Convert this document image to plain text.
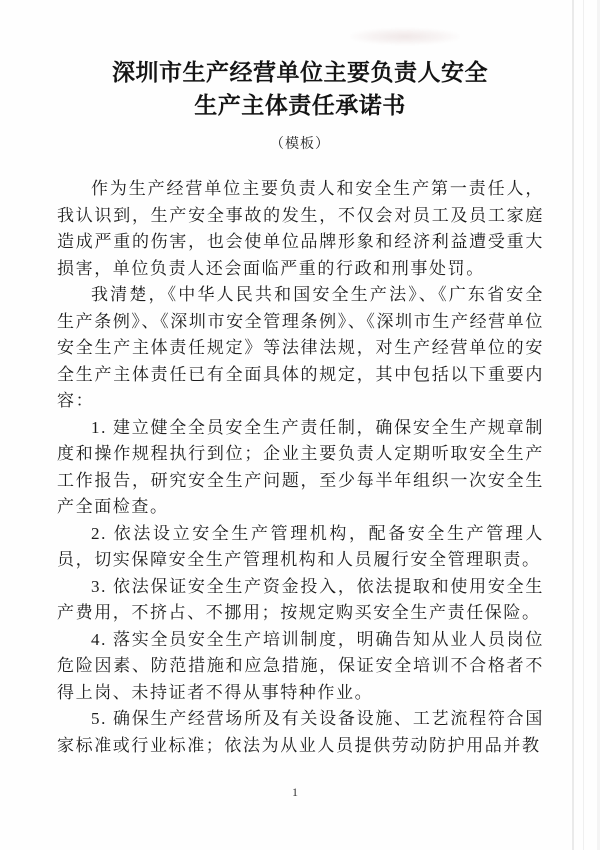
深圳市生产经营单位主要负责人安全
生产主体责任承诺书
（模板）

作为生产经营单位主要负责人和安全生产第一责任人，我认识到，生产安全事故的发生，不仅会对员工及员工家庭造成严重的伤害，也会使单位品牌形象和经济利益遭受重大损害，单位负责人还会面临严重的行政和刑事处罚。

我清楚，《中华人民共和国安全生产法》、《广东省安全生产条例》、《深圳市安全管理条例》、《深圳市生产经营单位安全生产主体责任规定》等法律法规，对生产经营单位的安全生产主体责任已有全面具体的规定，其中包括以下重要内容：

1. 建立健全全员安全生产责任制，确保安全生产规章制度和操作规程执行到位；企业主要负责人定期听取安全生产工作报告，研究安全生产问题，至少每半年组织一次安全生产全面检查。

2. 依法设立安全生产管理机构，配备安全生产管理人员，切实保障安全生产管理机构和人员履行安全管理职责。

3. 依法保证安全生产资金投入，依法提取和使用安全生产费用，不挤占、不挪用；按规定购买安全生产责任保险。

4. 落实全员安全生产培训制度，明确告知从业人员岗位危险因素、防范措施和应急措施，保证安全培训不合格者不得上岗、未持证者不得从事特种作业。

5. 确保生产经营场所及有关设备设施、工艺流程符合国家标准或行业标准；依法为从业人员提供劳动防护用品并教

1
